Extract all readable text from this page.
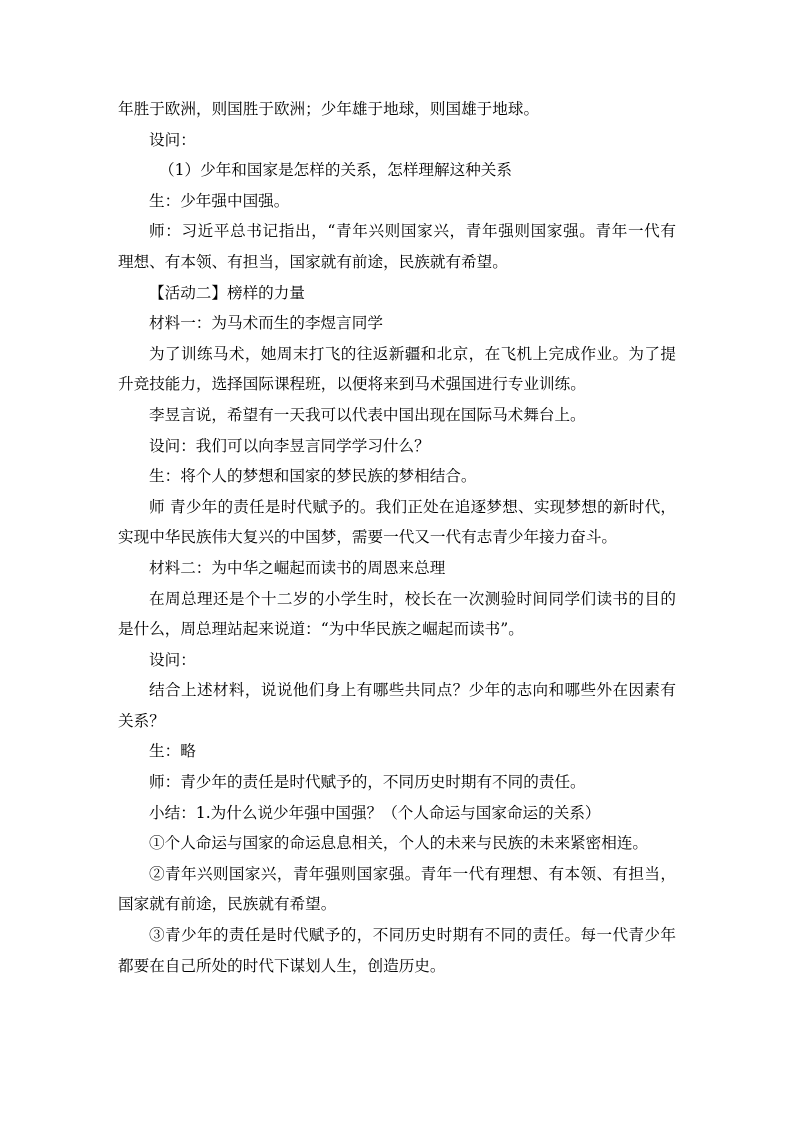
年胜于欧洲，则国胜于欧洲；少年雄于地球，则国雄于地球。
设问：
（1）少年和国家是怎样的关系，怎样理解这种关系
生：少年强中国强。
师：习近平总书记指出，“青年兴则国家兴，青年强则国家强。青年一代有
理想、有本领、有担当，国家就有前途，民族就有希望。
【活动二】榜样的力量
材料一：为马术而生的李煜言同学
为了训练马术，她周末打飞的往返新疆和北京，在飞机上完成作业。为了提
升竞技能力，选择国际课程班，以便将来到马术强国进行专业训练。
李昱言说，希望有一天我可以代表中国出现在国际马术舞台上。
设问：我们可以向李昱言同学学习什么？
生：将个人的梦想和国家的梦民族的梦相结合。
师 青少年的责任是时代赋予的。我们正处在追逐梦想、实现梦想的新时代，
实现中华民族伟大复兴的中国梦，需要一代又一代有志青少年接力奋斗。
材料二：为中华之崛起而读书的周恩来总理
在周总理还是个十二岁的小学生时，校长在一次测验时间同学们读书的目的
是什么，周总理站起来说道：“为中华民族之崛起而读书”。
设问：
结合上述材料，说说他们身上有哪些共同点？少年的志向和哪些外在因素有
关系？
生：略
师：青少年的责任是时代赋予的，不同历史时期有不同的责任。
小结：1.为什么说少年强中国强？（个人命运与国家命运的关系）
①个人命运与国家的命运息息相关，个人的未来与民族的未来紧密相连。
②青年兴则国家兴，青年强则国家强。青年一代有理想、有本领、有担当，
国家就有前途，民族就有希望。
③青少年的责任是时代赋予的，不同历史时期有不同的责任。每一代青少年
都要在自己所处的时代下谋划人生，创造历史。
